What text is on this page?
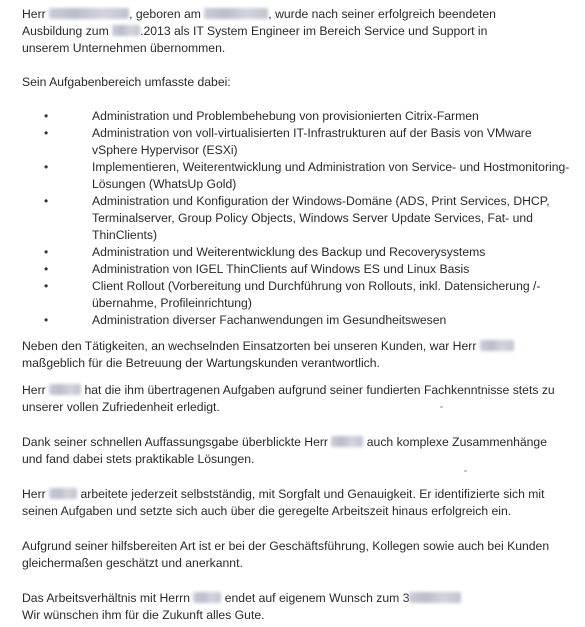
Herr	, geboren am	, wurde nach seiner erfolgreich beendeten
Ausbildung zum .2013 als IT System Engineer im Bereich Service und Support in
unserem Unternehmen übernommen.

Sein Aufgabenbereich umfasste dabei:

• Administration und Problembehebung von provisionierten Citrix-Farmen
• Administration von voll-virtualisierten IT-Infrastrukturen auf der Basis von VMware vSphere Hypervisor (ESXi)
• Implementieren, Weiterentwicklung und Administration von Service- und Hostmonitoring-Lösungen (WhatsUp Gold)
• Administration und Konfiguration der Windows-Domäne (ADS, Print Services, DHCP, Terminalserver, Group Policy Objects, Windows Server Update Services, Fat- und ThinClients)
• Administration und Weiterentwicklung des Backup und Recoverysystems
• Administration von IGEL ThinClients auf Windows ES und Linux Basis
• Client Rollout (Vorbereitung und Durchführung von Rollouts, inkl. Datensicherung /-übernahme, Profileinrichtung)
• Administration diverser Fachanwendungen im Gesundheitswesen

Neben den Tätigkeiten, an wechselnden Einsatzorten bei unseren Kunden, war Herr  maßgeblich für die Betreuung der Wartungskunden verantwortlich.

Herr	hat die ihm übertragenen Aufgaben aufgrund seiner fundierten Fachkenntnisse stets zu unserer vollen Zufriedenheit erledigt.

Dank seiner schnellen Auffassungsgabe überblickte Herr	auch komplexe Zusammenhänge und fand dabei stets praktikable Lösungen.

Herr  arbeitete jederzeit selbstständig, mit Sorgfalt und Genauigkeit. Er identifizierte sich mit seinen Aufgaben und setzte sich auch über die geregelte Arbeitszeit hinaus erfolgreich ein.

Aufgrund seiner hilfsbereiten Art ist er bei der Geschäftsführung, Kollegen sowie auch bei Kunden gleichermaßen geschätzt und anerkannt.

Das Arbeitsverhältnis mit Herrn  endet auf eigenem Wunsch zum 3
Wir wünschen ihm für die Zukunft alles Gute.
